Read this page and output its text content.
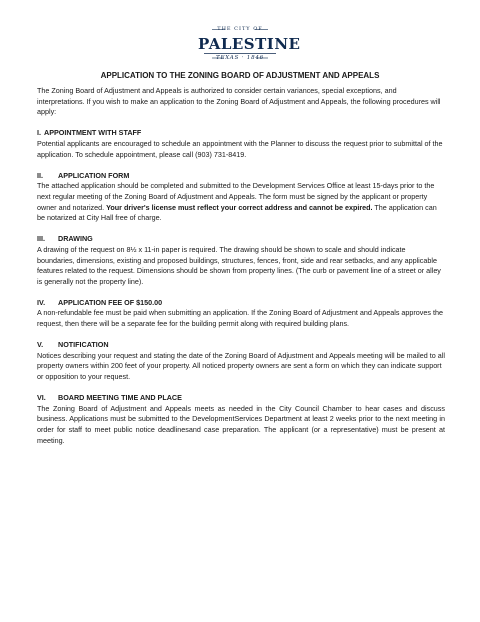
THE CITY OF
PALESTINE
TEXAS · 1846
APPLICATION TO THE ZONING BOARD OF ADJUSTMENT AND APPEALS

The Zoning Board of Adjustment and Appeals is authorized to consider certain variances, special exceptions, and interpretations. If you wish to make an application to the Zoning Board of Adjustment and Appeals, the following procedures will apply:

I. APPOINTMENT WITH STAFF

Potential applicants are encouraged to schedule an appointment with the Planner to discuss the request prior to submittal of the application. To schedule appointment, please call (903) 731-8419.

II. APPLICATION FORM

The attached application should be completed and submitted to the Development Services Office at least 15-days prior to the next regular meeting of the Zoning Board of Adjustment and Appeals. The form must be signed by the applicant or property owner and notarized. Your driver's license must reflect your correct address and cannot be expired. The application can be notarized at City Hall free of charge.

III. DRAWING

A drawing of the request on 8½ x 11-in paper is required. The drawing should be shown to scale and should indicate boundaries, dimensions, existing and proposed buildings, structures, fences, front, side and rear setbacks, and any applicable features related to the request. Dimensions should be shown from property lines. (The curb or pavement line of a street or alley is generally not the property line).

IV. APPLICATION FEE OF $150.00

A non-refundable fee must be paid when submitting an application. If the Zoning Board of Adjustment and Appeals approves the request, then there will be a separate fee for the building permit along with required building plans.

V. NOTIFICATION

Notices describing your request and stating the date of the Zoning Board of Adjustment and Appeals meeting will be mailed to all property owners within 200 feet of your property. All noticed property owners are sent a form on which they can indicate support or opposition to your request.

VI. BOARD MEETING TIME AND PLACE

The Zoning Board of Adjustment and Appeals meets as needed in the City Council Chamber to hear cases and discuss business. Applications must be submitted to the DevelopmentServices Department at least 2 weeks prior to the next meeting in order for staff to meet public notice deadlinesand case preparation. The applicant (or a representative) must be present at meeting.
